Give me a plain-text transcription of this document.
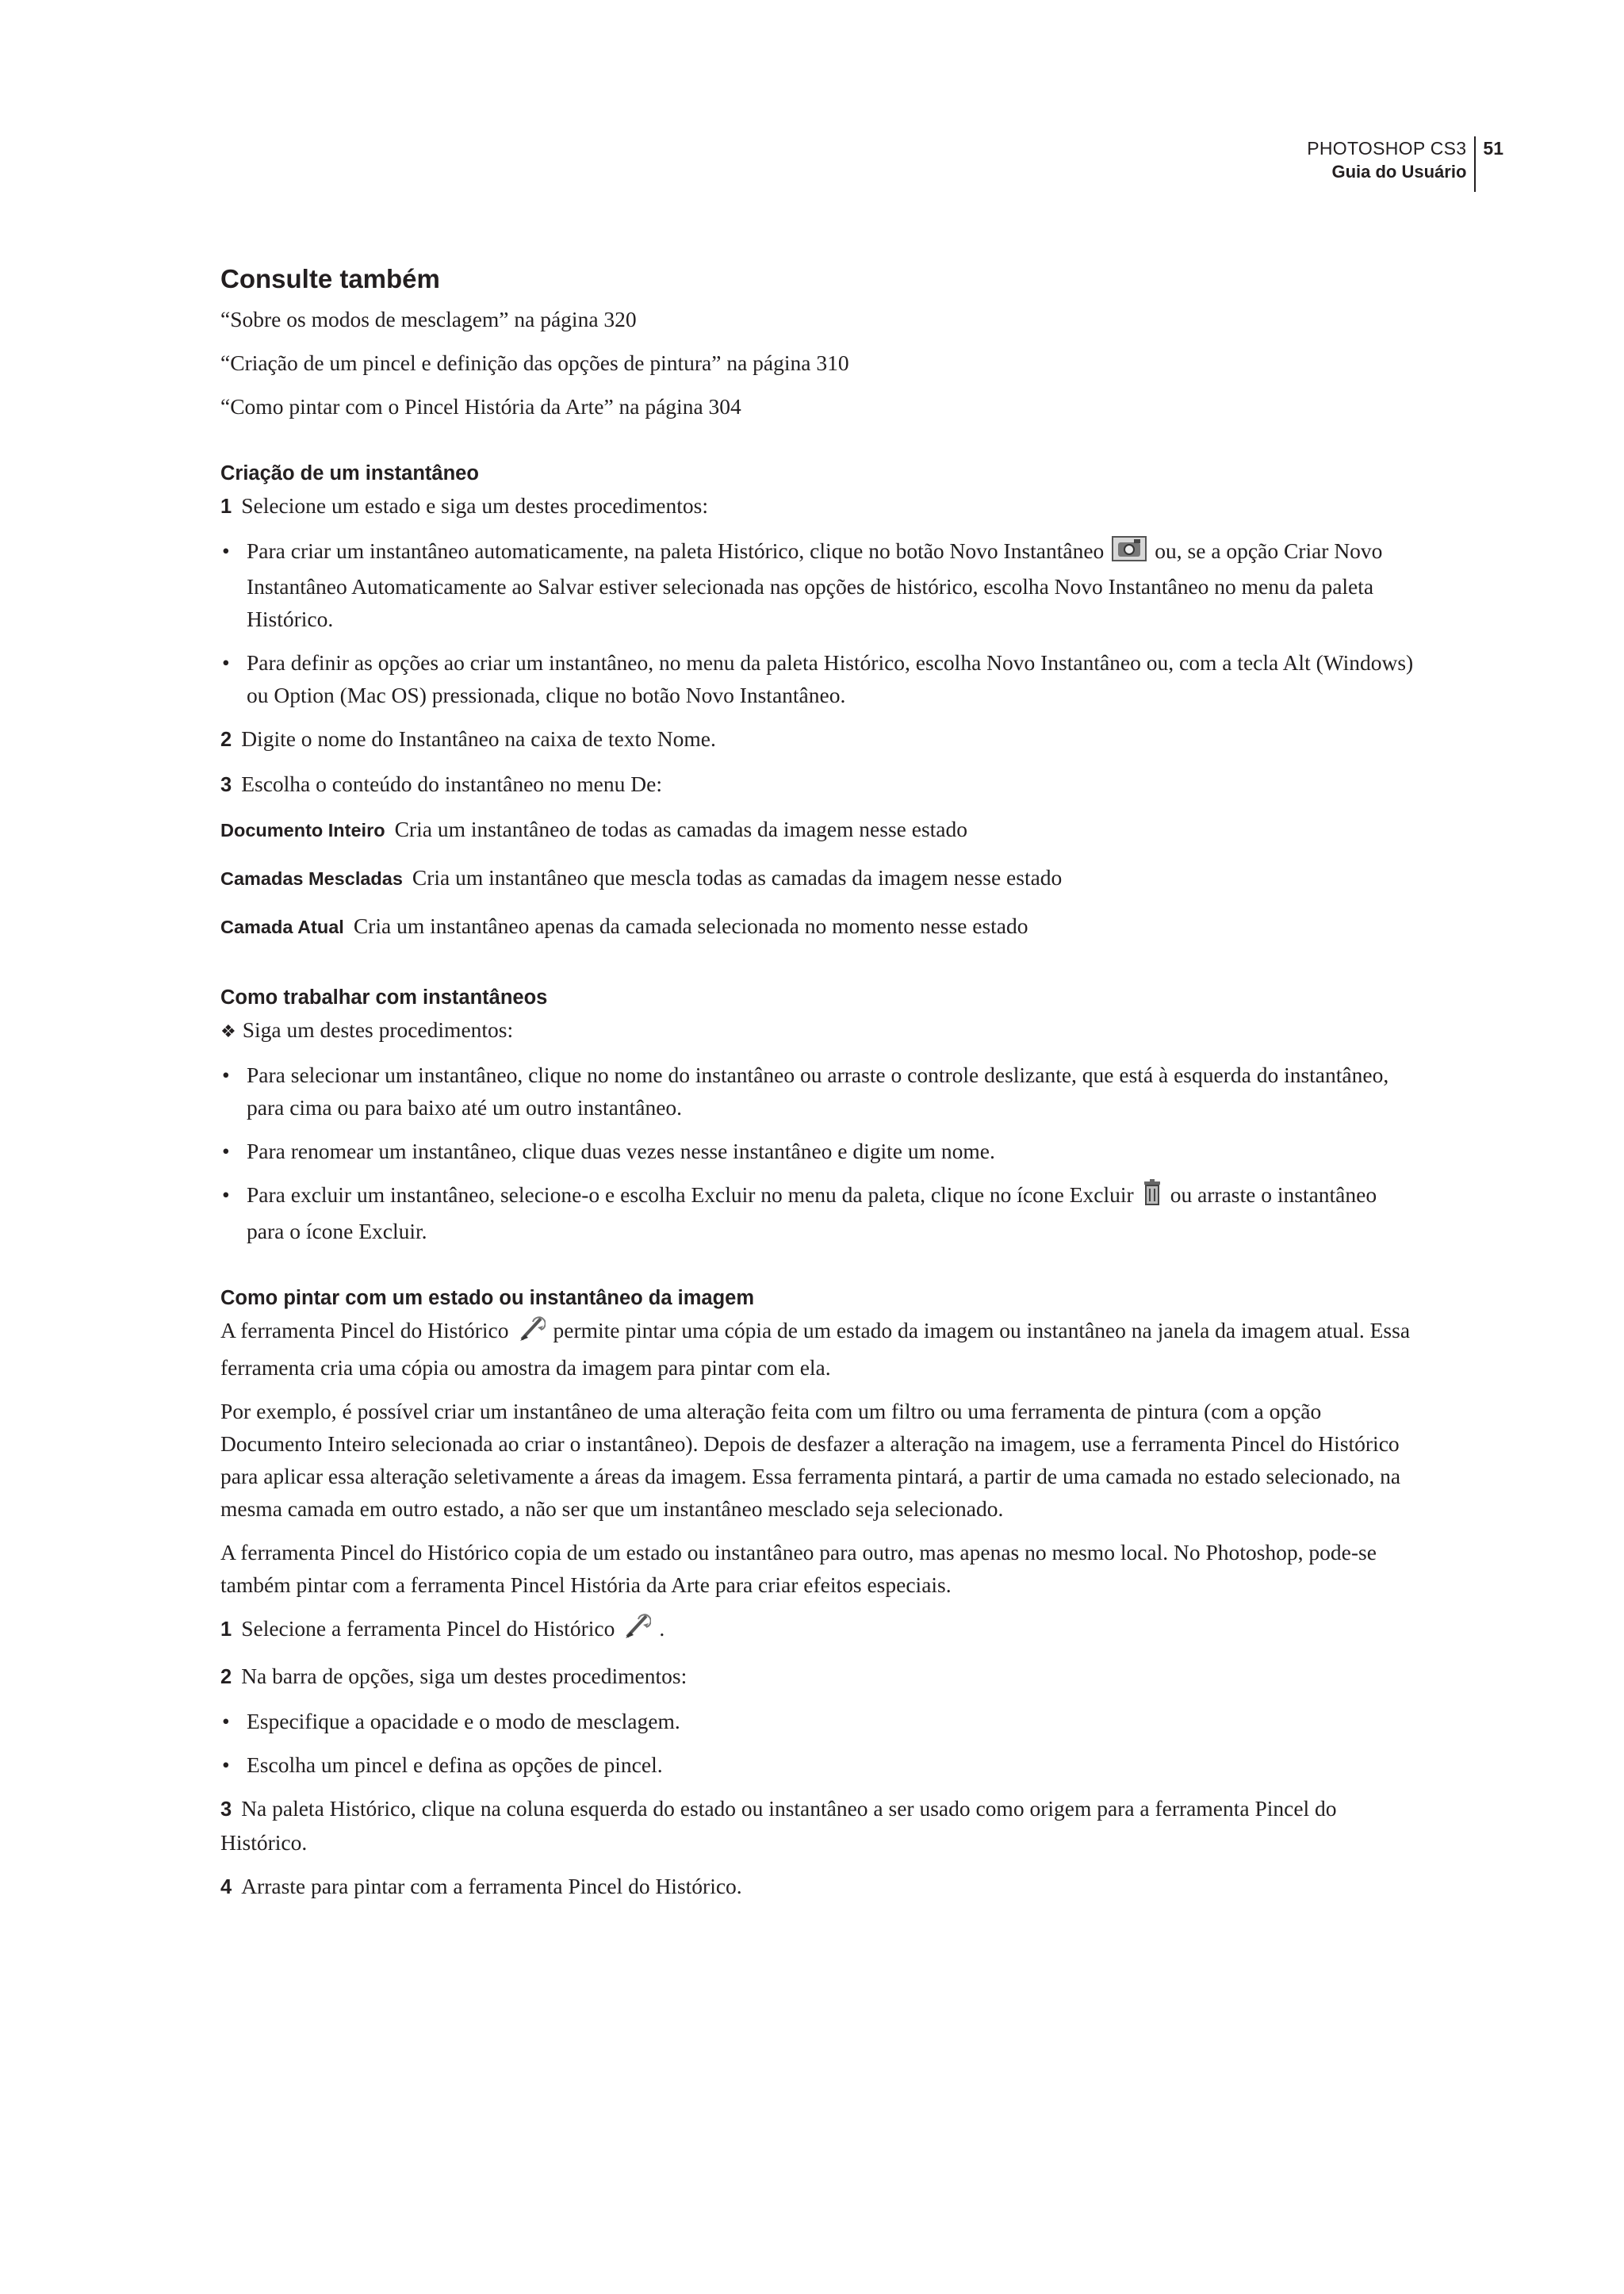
PHOTOSHOP CS3
Guia do Usuário
51
Consulte também

“Sobre os modos de mesclagem” na página 320

“Criação de um pincel e definição das opções de pintura” na página 310

“Como pintar com o Pincel História da Arte” na página 304

Criação de um instantâneo

1 Selecione um estado e siga um destes procedimentos:

• Para criar um instantâneo automaticamente, na paleta Histórico, clique no botão Novo Instantâneo ou, se a opção Criar Novo Instantâneo Automaticamente ao Salvar estiver selecionada nas opções de histórico, escolha Novo Instantâneo no menu da paleta Histórico.
• Para definir as opções ao criar um instantâneo, no menu da paleta Histórico, escolha Novo Instantâneo ou, com a tecla Alt (Windows) ou Option (Mac OS) pressionada, clique no botão Novo Instantâneo.

2 Digite o nome do Instantâneo na caixa de texto Nome.

3 Escolha o conteúdo do instantâneo no menu De:

Documento Inteiro Cria um instantâneo de todas as camadas da imagem nesse estado
Camadas Mescladas Cria um instantâneo que mescla todas as camadas da imagem nesse estado
Camada Atual Cria um instantâneo apenas da camada selecionada no momento nesse estado
Como trabalhar com instantâneos

❖ Siga um destes procedimentos:

• Para selecionar um instantâneo, clique no nome do instantâneo ou arraste o controle deslizante, que está à esquerda do instantâneo, para cima ou para baixo até um outro instantâneo.
• Para renomear um instantâneo, clique duas vezes nesse instantâneo e digite um nome.
• Para excluir um instantâneo, selecione-o e escolha Excluir no menu da paleta, clique no ícone Excluir ou arraste o instantâneo para o ícone Excluir.
Como pintar com um estado ou instantâneo da imagem

A ferramenta Pincel do Histórico permite pintar uma cópia de um estado da imagem ou instantâneo na janela da imagem atual. Essa ferramenta cria uma cópia ou amostra da imagem para pintar com ela.

Por exemplo, é possível criar um instantâneo de uma alteração feita com um filtro ou uma ferramenta de pintura (com a opção Documento Inteiro selecionada ao criar o instantâneo). Depois de desfazer a alteração na imagem, use a ferramenta Pincel do Histórico para aplicar essa alteração seletivamente a áreas da imagem. Essa ferramenta pintará, a partir de uma camada no estado selecionado, na mesma camada em outro estado, a não ser que um instantâneo mesclado seja selecionado.

A ferramenta Pincel do Histórico copia de um estado ou instantâneo para outro, mas apenas no mesmo local. No Photoshop, pode-se também pintar com a ferramenta Pincel História da Arte para criar efeitos especiais.

1 Selecione a ferramenta Pincel do Histórico .

2 Na barra de opções, siga um destes procedimentos:

• Especifique a opacidade e o modo de mesclagem.
• Escolha um pincel e defina as opções de pincel.

3 Na paleta Histórico, clique na coluna esquerda do estado ou instantâneo a ser usado como origem para a ferramenta Pincel do Histórico.

4 Arraste para pintar com a ferramenta Pincel do Histórico.
